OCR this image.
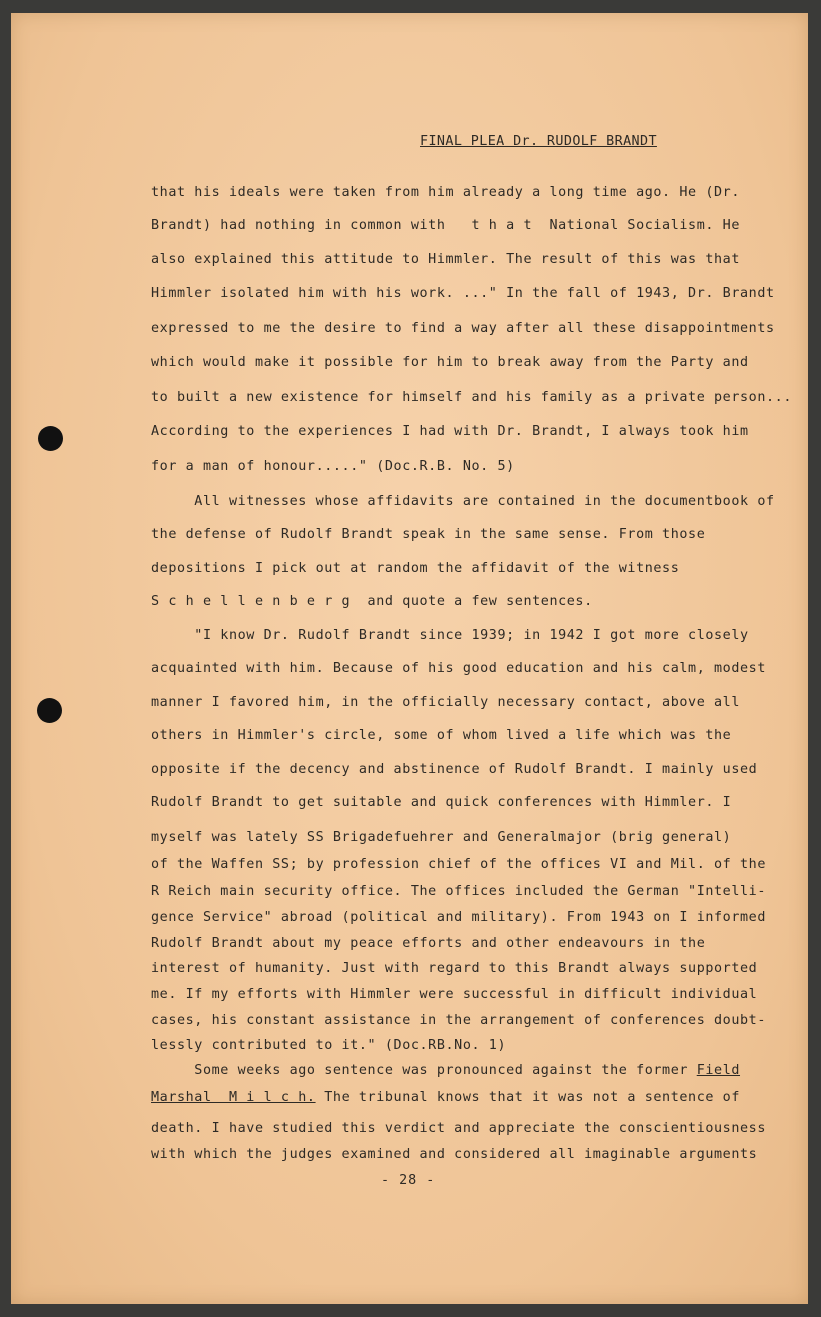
FINAL PLEA Dr. RUDOLF BRANDT
that his ideals were taken from him already a long time ago. He (Dr.
Brandt) had nothing in common with   t h a t  National Socialism. He
also explained this attitude to Himmler. The result of this was that
Himmler isolated him with his work. ..." In the fall of 1943, Dr. Brandt
expressed to me the desire to find a way after all these disappointments
which would make it possible for him to break away from the Party and
to built a new existence for himself and his family as a private person...
According to the experiences I had with Dr. Brandt, I always took him
for a man of honour....." (Doc.R.B. No. 5)
All witnesses whose affidavits are contained in the documentbook of
the defense of Rudolf Brandt speak in the same sense. From those
depositions I pick out at random the affidavit of the witness
S c h e l l e n b e r g  and quote a few sentences.
"I know Dr. Rudolf Brandt since 1939; in 1942 I got more closely
acquainted with him. Because of his good education and his calm, modest
manner I favored him, in the officially necessary contact, above all
others in Himmler's circle, some of whom lived a life which was the
opposite if the decency and abstinence of Rudolf Brandt. I mainly used
Rudolf Brandt to get suitable and quick conferences with Himmler. I
myself was lately SS Brigadefuehrer and Generalmajor (brig general)
of the Waffen SS; by profession chief of the offices VI and Mil. of the
R Reich main security office. The offices included the German "Intelli-
gence Service" abroad (political and military). From 1943 on I informed
Rudolf Brandt about my peace efforts and other endeavours in the
interest of humanity. Just with regard to this Brandt always supported
me. If my efforts with Himmler were successful in difficult individual
cases, his constant assistance in the arrangement of conferences doubt-
lessly contributed to it." (Doc.RB.No. 1)
Some weeks ago sentence was pronounced against the former Field
death. I have studied this verdict and appreciate the conscientiousness
with which the judges examined and considered all imaginable arguments
Marshal  M i l c h. The tribunal knows that it was not a sentence of
- 28 -
